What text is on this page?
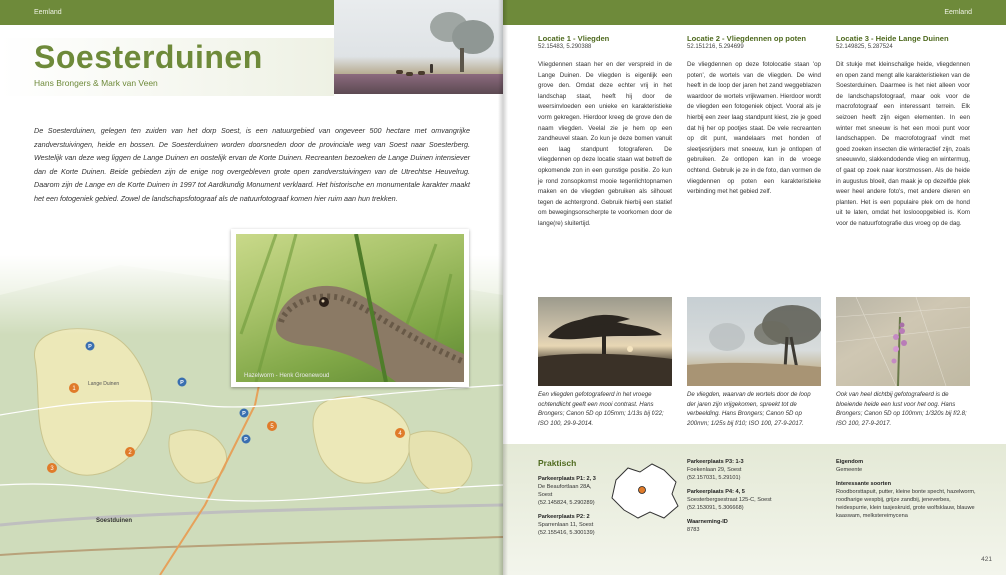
Eemland
Soesterduinen
Hans Brongers & Mark van Veen
De Soesterduinen, gelegen ten zuiden van het dorp Soest, is een natuurgebied van ongeveer 500 hectare met omvangrijke zandverstuivingen, heide en bossen. De Soesterduinen worden doorsneden door de provinciale weg van Soest naar Soesterberg. Westelijk van deze weg liggen de Lange Duinen en oostelijk ervan de Korte Duinen. Recreanten bezoeken de Lange Duinen intensiever dan de Korte Duinen. Beide gebieden zijn de enige nog overgebleven grote open zandverstuivingen van de Utrechtse Heuvelrug. Daarom zijn de Lange en de Korte Duinen in 1997 tot Aardkundig Monument verklaard. Het historische en monumentale karakter maakt het een fotogeniek gebied. Zowel de landschapsfotograaf als de natuurfotograaf komen hier ruim aan hun trekken.
Lange Duinen
Soestduinen
1
2
3
4
5
P
P
P
P
Hazelworm - Henk Groenewoud
Eemland
Locatie 1 - Vliegden
52.15483, 5.290388

Vliegdennen staan her en der verspreid in de Lange Duinen. De vliegden is eigenlijk een grove den. Omdat deze echter vrij in het landschap staat, heeft hij door de weersinvloeden een unieke en karakteristieke vorm gekregen. Hierdoor kreeg de grove den de naam vliegden. Veelal zie je hem op een zandheuvel staan. Zo kun je deze bomen vanuit een laag standpunt fotograferen. De vliegdennen op deze locatie staan wat betreft de opkomende zon in een gunstige positie. Zo kun je rond zonsopkomst mooie tegenlichtopnamen maken en de vliegden gebruiken als silhouet tegen de achtergrond. Gebruik hierbij een statief om bewegingsonscherpte te voorkomen door de lange(re) sluitertijd.

Locatie 2 - Vliegdennen op poten
52.151216, 5.294699

De vliegdennen op deze fotolocatie staan 'op poten', de wortels van de vliegden. De wind heeft in de loop der jaren het zand weggeblazen waardoor de wortels vrijkwamen. Hierdoor wordt de vliegden een fotogeniek object. Vooral als je hierbij een zeer laag standpunt kiest, zie je goed dat hij her op pootjes staat. De vele recreanten op dit punt, wandelaars met honden of sleetjesrijders met sneeuw, kun je ontlopen of gebruiken. Ze ontlopen kan in de vroege ochtend. Gebruik je ze in de foto, dan vormen de vliegdennen op poten een karakteristieke verbinding met het gebied zelf.

Locatie 3 - Heide Lange Duinen
52.149825, 5.287524

Dit stukje met kleinschalige heide, vliegdennen en open zand mengt alle karakteristieken van de Soesterduinen. Daarmee is het niet alleen voor de landschapsfotograaf, maar ook voor de macrofotograaf een interessant terrein. Elk seizoen heeft zijn eigen elementen. In een winter met sneeuw is het een mooi punt voor landschappen. De macrofotograaf vindt met goed zoeken insecten die winteractief zijn, zoals sneeuwvlo, slakkendodende vlieg en wintermug, of gaat op zoek naar korstmossen. Als de heide in augustus bloeit, dan maak je op dezelfde plek weer heel andere foto's, met andere dieren en planten. Het is een populaire plek om de hond uit te laten, omdat het loslooopgebied is. Kom voor de natuurfotografie dus vroeg op de dag.

Een vliegden gefotografeerd in het vroege ochtendlicht geeft een mooi contrast. Hans Brongers; Canon 5D op 105mm; 1/13s bij f/22; ISO 100, 29-9-2014.
De vliegden, waarvan de wortels door de loop der jaren zijn vrijgekomen, spreekt tot de verbeelding. Hans Brongers; Canon 5D op 200mm; 1/25s bij f/10; ISO 100, 27-9-2017.
Ook van heel dichtbij gefotografeerd is de bloeiende heide een lust voor het oog. Hans Brongers; Canon 5D op 100mm; 1/320s bij f/2.8; ISO 100, 27-9-2017.
Praktisch
Parkeerplaats P1: 2, 3
De Beaufortlaan 28A,
Soest
(52.145824, 5.290289)
Parkeerplaats P2: 2
Sparrenlaan 11, Soest
(52.155416, 5.300139)
Parkeerplaats P3: 1-3
Foekenlaan 29, Soest
(52.157031, 5.29101)
Parkeerplaats P4: 4, 5
Soesterbergsestraat 125-C, Soest
(52.153091, 5.306668)
Waarneming-ID
8783
Eigendom
Gemeente
Interessante soorten
Roodborsttapuit, putter, kleine bonte specht, hazelworm, roodharige wespbij, grijze zandbij, jeneverbes, heidespurrie, klein tasjeskruid, grote wolfsklauw, blauwe kaaswam, melkstereimycena
421
